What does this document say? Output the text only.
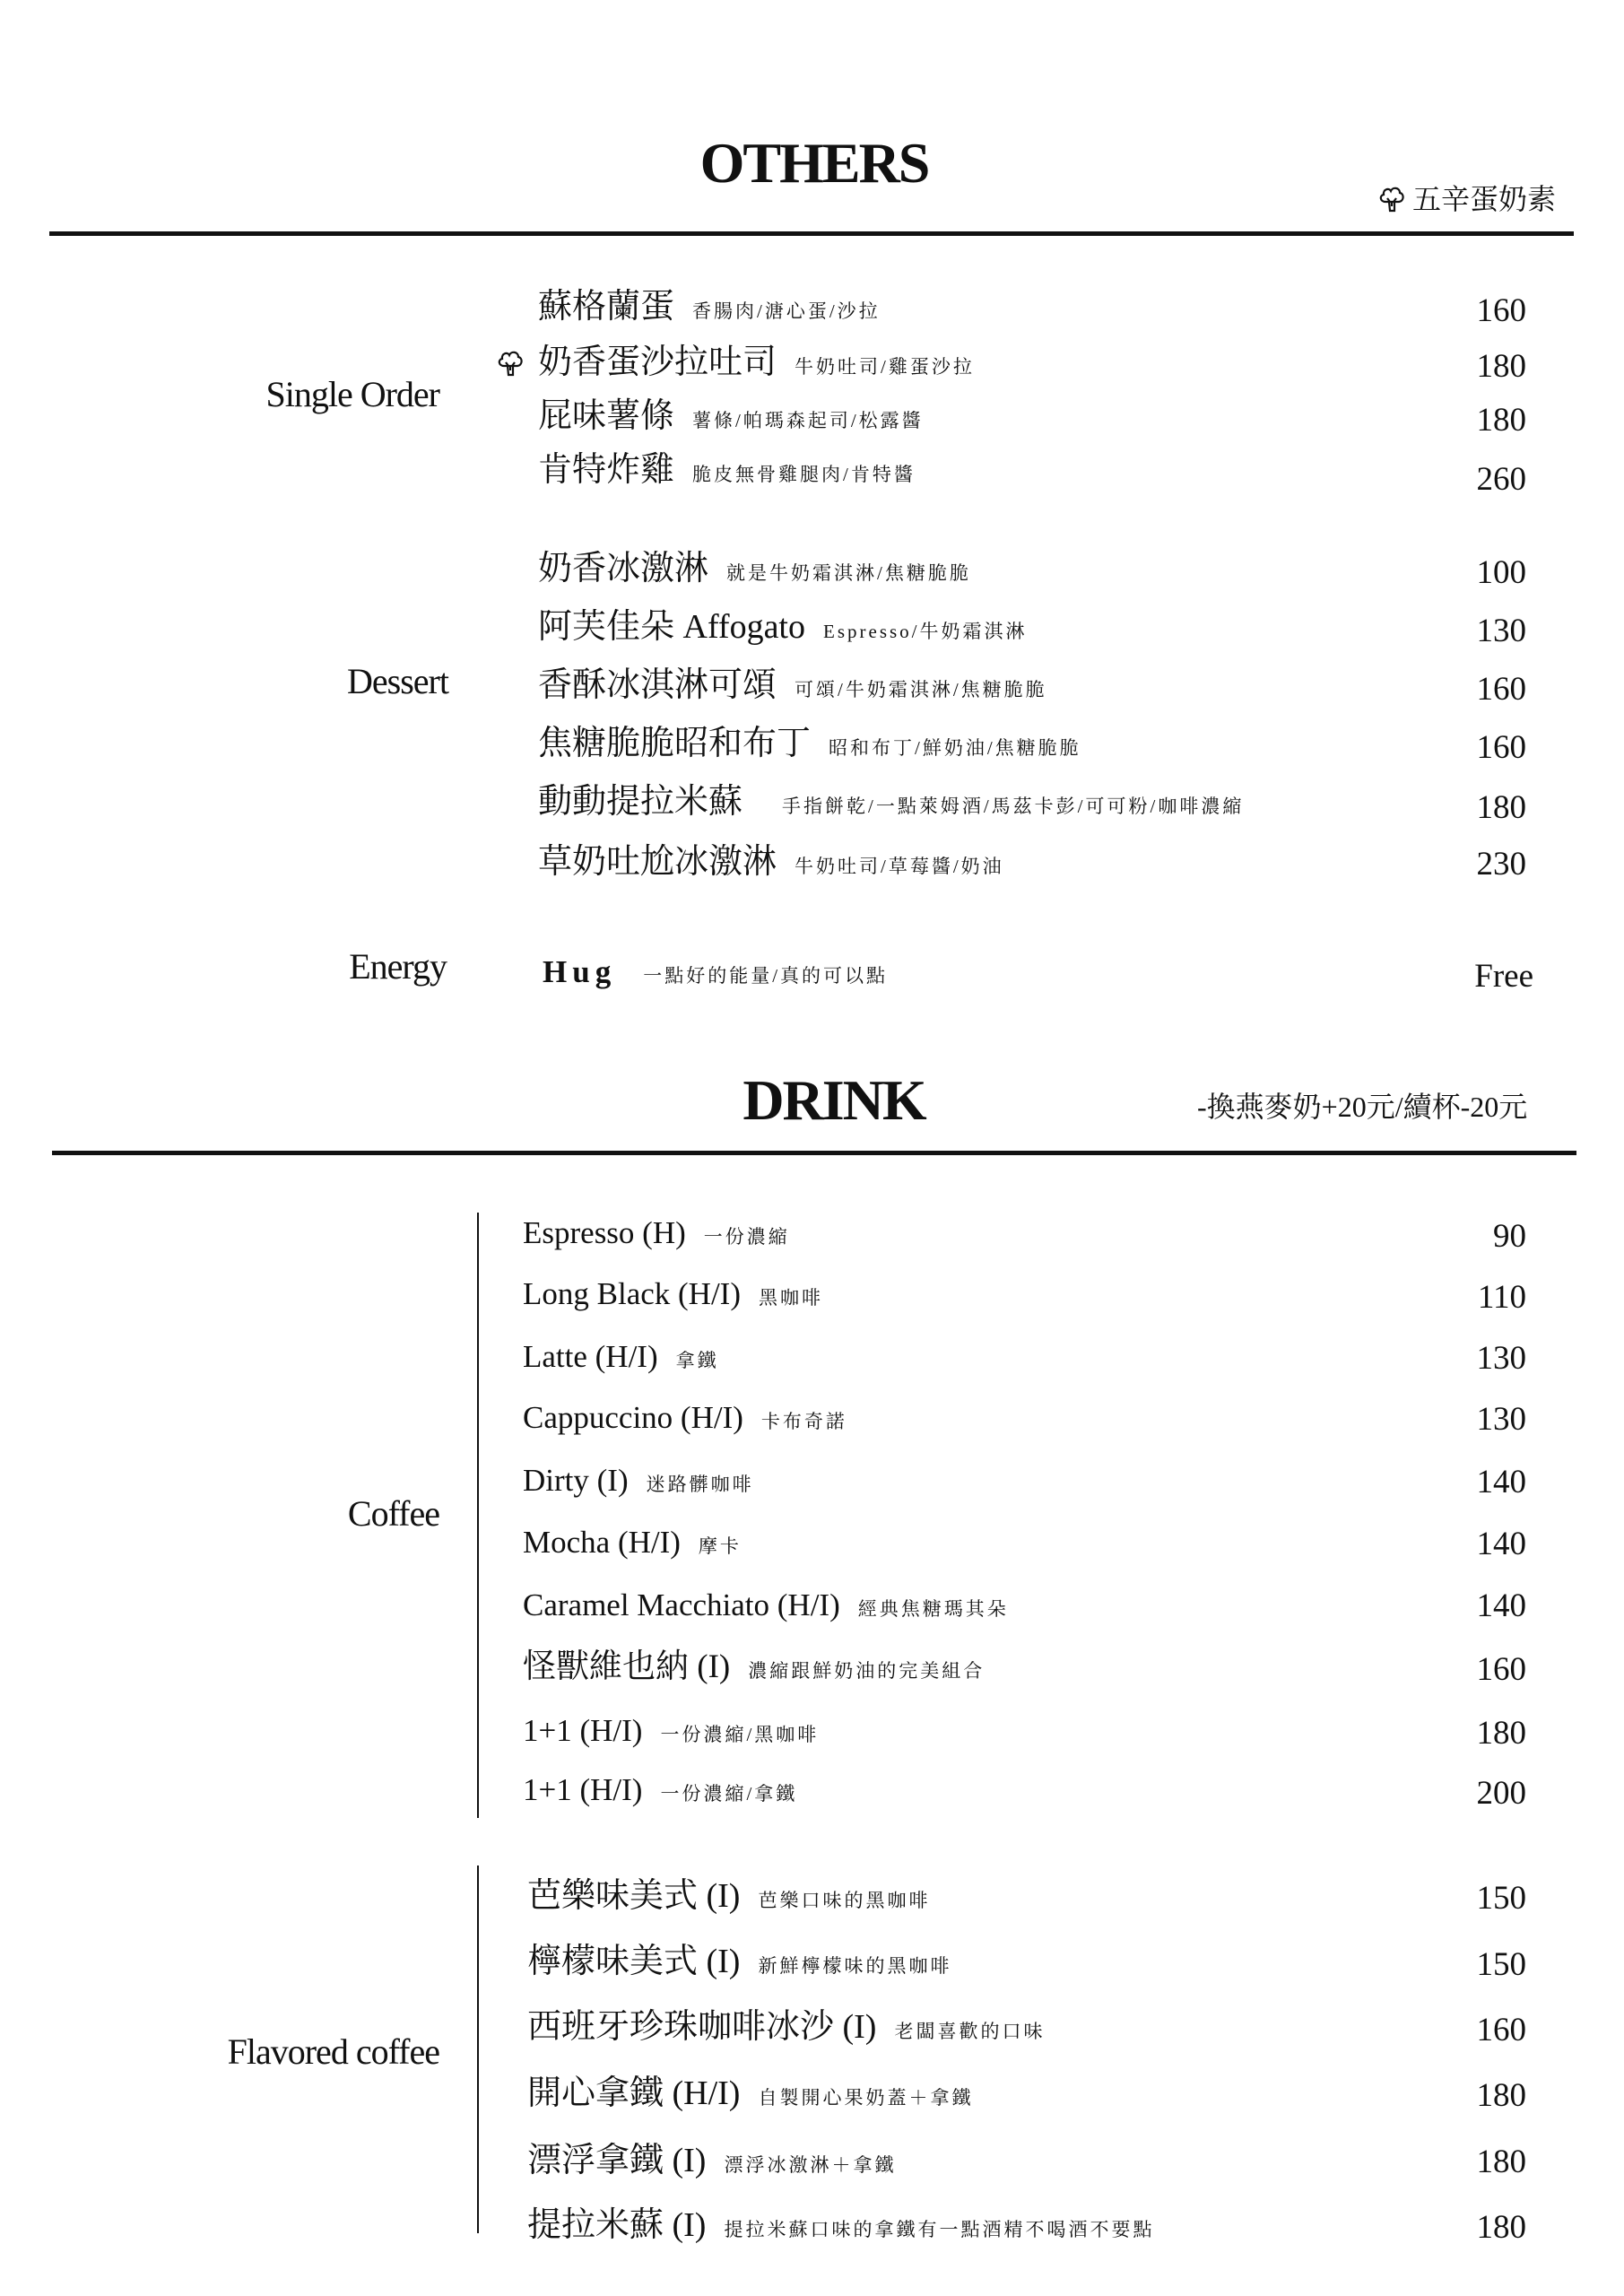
OTHERS
五辛蛋奶素
Single Order
Dessert
Energy
蘇格蘭蛋 香腸肉/溏心蛋/沙拉	160
奶香蛋沙拉吐司 牛奶吐司/雞蛋沙拉	180
屁味薯條 薯條/帕瑪森起司/松露醬	180
肯特炸雞 脆皮無骨雞腿肉/肯特醬	260
奶香冰激淋 就是牛奶霜淇淋/焦糖脆脆	100
阿芙佳朵 Affogato Espresso/牛奶霜淇淋	130
香酥冰淇淋可頌 可頌/牛奶霜淇淋/焦糖脆脆	160
焦糖脆脆昭和布丁 昭和布丁/鮮奶油/焦糖脆脆	160
動動提拉米蘇 手指餅乾/一點萊姆酒/馬茲卡彭/可可粉/咖啡濃縮	180
草奶吐尬冰激淋 牛奶吐司/草莓醬/奶油	230
Hug 一點好的能量/真的可以點	Free
DRINK	-換燕麥奶+20元/續杯-20元
Coffee
Flavored coffee
Espresso (H) 一份濃縮	90
Long Black (H/I) 黑咖啡	110
Latte (H/I) 拿鐵	130
Cappuccino (H/I) 卡布奇諾	130
Dirty (I) 迷路髒咖啡	140
Mocha (H/I) 摩卡	140
Caramel Macchiato (H/I) 經典焦糖瑪其朵	140
怪獸維也納 (I) 濃縮跟鮮奶油的完美組合	160
1+1 (H/I) 一份濃縮/黑咖啡	180
1+1 (H/I) 一份濃縮/拿鐵	200
芭樂味美式 (I) 芭樂口味的黑咖啡	150
檸檬味美式 (I) 新鮮檸檬味的黑咖啡	150
西班牙珍珠咖啡冰沙 (I) 老闆喜歡的口味	160
開心拿鐵 (H/I) 自製開心果奶蓋＋拿鐵	180
漂浮拿鐵 (I) 漂浮冰激淋＋拿鐵	180
提拉米蘇 (I) 提拉米蘇口味的拿鐵有一點酒精不喝酒不要點	180
